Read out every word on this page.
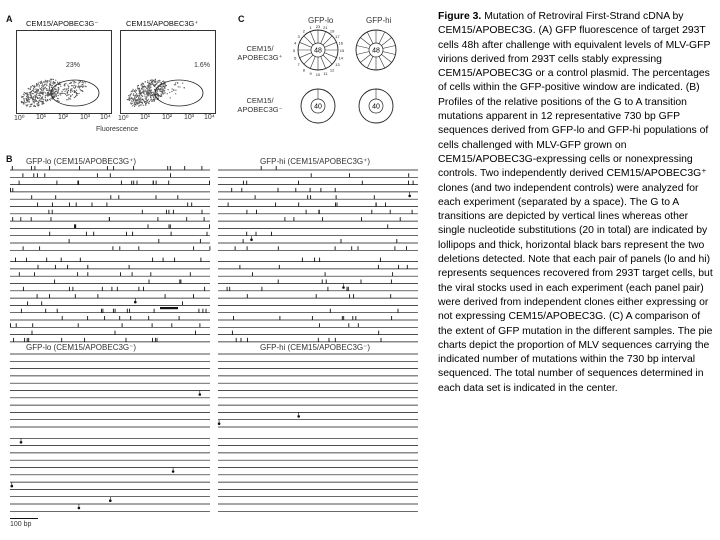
A CEM15/APOBEC3G⁻
23%
CEM15/APOBEC3G⁺
1.6%
10⁰ 10¹ 10² 10³ 10⁴ 10⁰ 10¹ 10² 10³ 10⁴
Fluorescence
C	GFP-lo	GFP-hi
CEM15/ APOBEC3G⁺
CEM15/ APOBEC3G⁻
48
23 21
19
17
16
15
14
13
12
11
10
9
8
7
6
5
4
3
2
1
48
40	40
B GFP-lo (CEM15/APOBEC3G⁺)	GFP-hi (CEM15/APOBEC3G⁺)
GFP-lo (CEM15/APOBEC3G⁻)	GFP-hi (CEM15/APOBEC3G⁻)
100 bp
Figure 3. Mutation of Retroviral First-Strand cDNA by CEM15/APOBEC3G. (A) GFP fluorescence of target 293T cells 48h after challenge with equivalent levels of MLV-GFP virions derived from 293T cells stably expressing CEM15/APOBEC3G or a control plasmid. The percentages of cells within the GFP-positive window are indicated. (B) Profiles of the relative positions of the G to A transition mutations apparent in 12 representative 730 bp GFP sequences derived from GFP-lo and GFP-hi populations of cells challenged with MLV-GFP grown on CEM15/APOBEC3G-expressing cells or nonexpressing controls. Two independently derived CEM15/APOBEC3G⁺ clones (and two independent controls) were analyzed for each experiment (separated by a space). The G to A transitions are depicted by vertical lines whereas other single nucleotide substitutions (20 in total) are indicated by lollipops and thick, horizontal black bars represent the two deletions detected. Note that each pair of panels (lo and hi) represents sequences recovered from 293T target cells, but the viral stocks used in each experiment (each panel pair) were derived from independent clones either expressing or not expressing CEM15/APOBEC3G. (C) A comparison of the extent of GFP mutation in the different samples. The pie charts depict the proportion of MLV sequences carrying the indicated number of mutations within the 730 bp interval sequenced. The total number of sequences determined in each data set is indicated in the center.
